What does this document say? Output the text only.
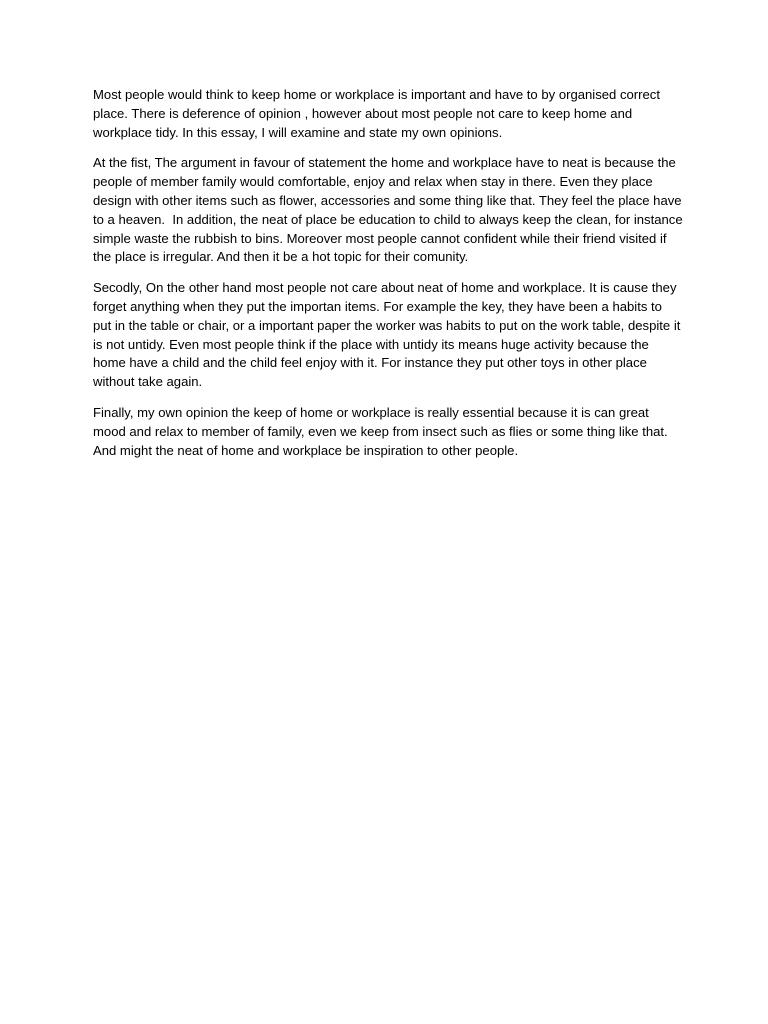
Most people would think to keep home or workplace is important and have to by organised correct place. There is deference of opinion , however about most people not care to keep home and workplace tidy. In this essay, I will examine and state my own opinions.

At the fist, The argument in favour of statement the home and workplace have to neat is because the people of member family would comfortable, enjoy and relax when stay in there. Even they place design with other items such as flower, accessories and some thing like that. They feel the place have to a heaven.  In addition, the neat of place be education to child to always keep the clean, for instance simple waste the rubbish to bins. Moreover most people cannot confident while their friend visited if the place is irregular. And then it be a hot topic for their comunity.

Secodly, On the other hand most people not care about neat of home and workplace. It is cause they forget anything when they put the importan items. For example the key, they have been a habits to put in the table or chair, or a important paper the worker was habits to put on the work table, despite it is not untidy. Even most people think if the place with untidy its means huge activity because the home have a child and the child feel enjoy with it. For instance they put other toys in other place without take again.

Finally, my own opinion the keep of home or workplace is really essential because it is can great mood and relax to member of family, even we keep from insect such as flies or some thing like that. And might the neat of home and workplace be inspiration to other people.
